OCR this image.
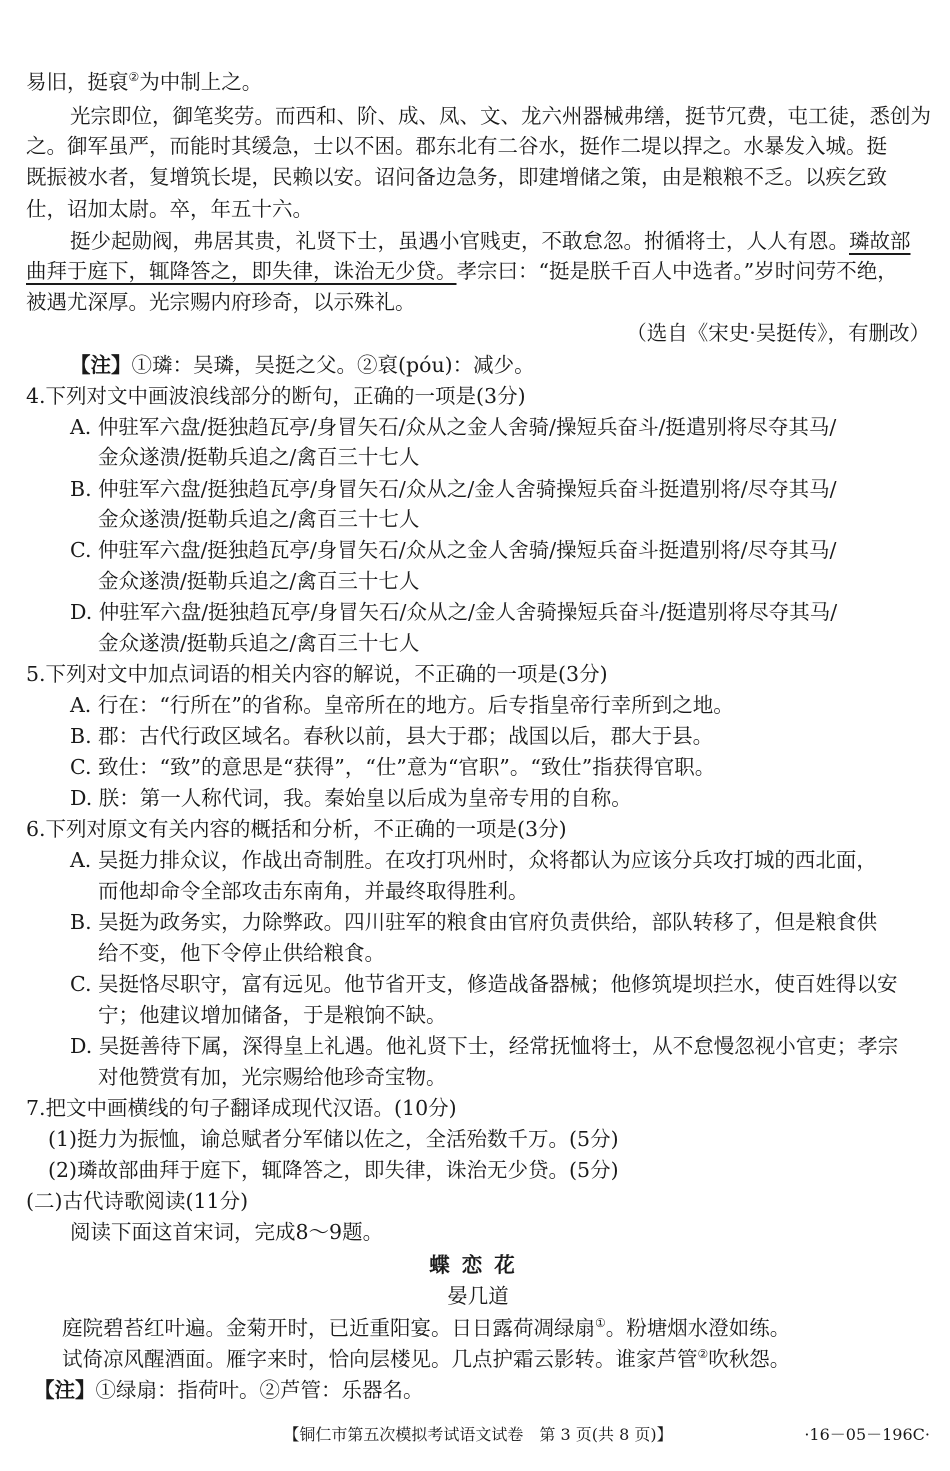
易旧，挺裒②为中制上之。
光宗即位，御笔奖劳。而西和、阶、成、凤、文、龙六州器械弗缮，挺节冗费，屯工徒，悉创为
之。御军虽严，而能时其缓急，士以不困。郡东北有二谷水，挺作二堤以捍之。水暴发入城。挺
既振被水者，复增筑长堤，民赖以安。诏问备边急务，即建增储之策，由是粮粮不乏。以疾乞致
仕，诏加太尉。卒，年五十六。
挺少起勋阀，弗居其贵，礼贤下士，虽遇小官贱吏，不敢怠忽。拊循将士，人人有恩。璘故部
曲拜于庭下，辄降答之，即失律，诛治无少贷。孝宗曰：“挺是朕千百人中选者。”岁时问劳不绝，
被遇尤深厚。光宗赐内府珍奇，以示殊礼。
（选自《宋史·吴挺传》，有删改）
【注】①璘：吴璘，吴挺之父。②裒(póu)：减少。
4.下列对文中画波浪线部分的断句，正确的一项是(3分)
A. 仲驻军六盘/挺独趋瓦亭/身冒矢石/众从之金人舍骑/操短兵奋斗/挺遣别将尽夺其马/
金众遂溃/挺勒兵追之/禽百三十七人
B. 仲驻军六盘/挺独趋瓦亭/身冒矢石/众从之/金人舍骑操短兵奋斗挺遣别将/尽夺其马/
金众遂溃/挺勒兵追之/禽百三十七人
C. 仲驻军六盘/挺独趋瓦亭/身冒矢石/众从之金人舍骑/操短兵奋斗挺遣别将/尽夺其马/
金众遂溃/挺勒兵追之/禽百三十七人
D. 仲驻军六盘/挺独趋瓦亭/身冒矢石/众从之/金人舍骑操短兵奋斗/挺遣别将尽夺其马/
金众遂溃/挺勒兵追之/禽百三十七人
5.下列对文中加点词语的相关内容的解说，不正确的一项是(3分)
A. 行在：“行所在”的省称。皇帝所在的地方。后专指皇帝行幸所到之地。
B. 郡：古代行政区域名。春秋以前，县大于郡；战国以后，郡大于县。
C. 致仕：“致”的意思是“获得”，“仕”意为“官职”。“致仕”指获得官职。
D. 朕：第一人称代词，我。秦始皇以后成为皇帝专用的自称。
6.下列对原文有关内容的概括和分析，不正确的一项是(3分)
A. 吴挺力排众议，作战出奇制胜。在攻打巩州时，众将都认为应该分兵攻打城的西北面，
而他却命令全部攻击东南角，并最终取得胜利。
B. 吴挺为政务实，力除弊政。四川驻军的粮食由官府负责供给，部队转移了，但是粮食供
给不变，他下令停止供给粮食。
C. 吴挺恪尽职守，富有远见。他节省开支，修造战备器械；他修筑堤坝拦水，使百姓得以安
宁；他建议增加储备，于是粮饷不缺。
D. 吴挺善待下属，深得皇上礼遇。他礼贤下士，经常抚恤将士，从不怠慢忽视小官吏；孝宗
对他赞赏有加，光宗赐给他珍奇宝物。
7.把文中画横线的句子翻译成现代汉语。(10分)
(1)挺力为振恤，谕总赋者分军储以佐之，全活殆数千万。(5分)
(2)璘故部曲拜于庭下，辄降答之，即失律，诛治无少贷。(5分)
(二)古代诗歌阅读(11分)
阅读下面这首宋词，完成8～9题。
蝶恋花
晏几道
庭院碧苔红叶遍。金菊开时，已近重阳宴。日日露荷凋绿扇①。粉塘烟水澄如练。
试倚凉风醒酒面。雁字来时，恰向层楼见。几点护霜云影转。谁家芦管②吹秋怨。
【注】①绿扇：指荷叶。②芦管：乐器名。
【铜仁市第五次模拟考试语文试卷　第 3 页(共 8 页)】	·16－05－196C·
